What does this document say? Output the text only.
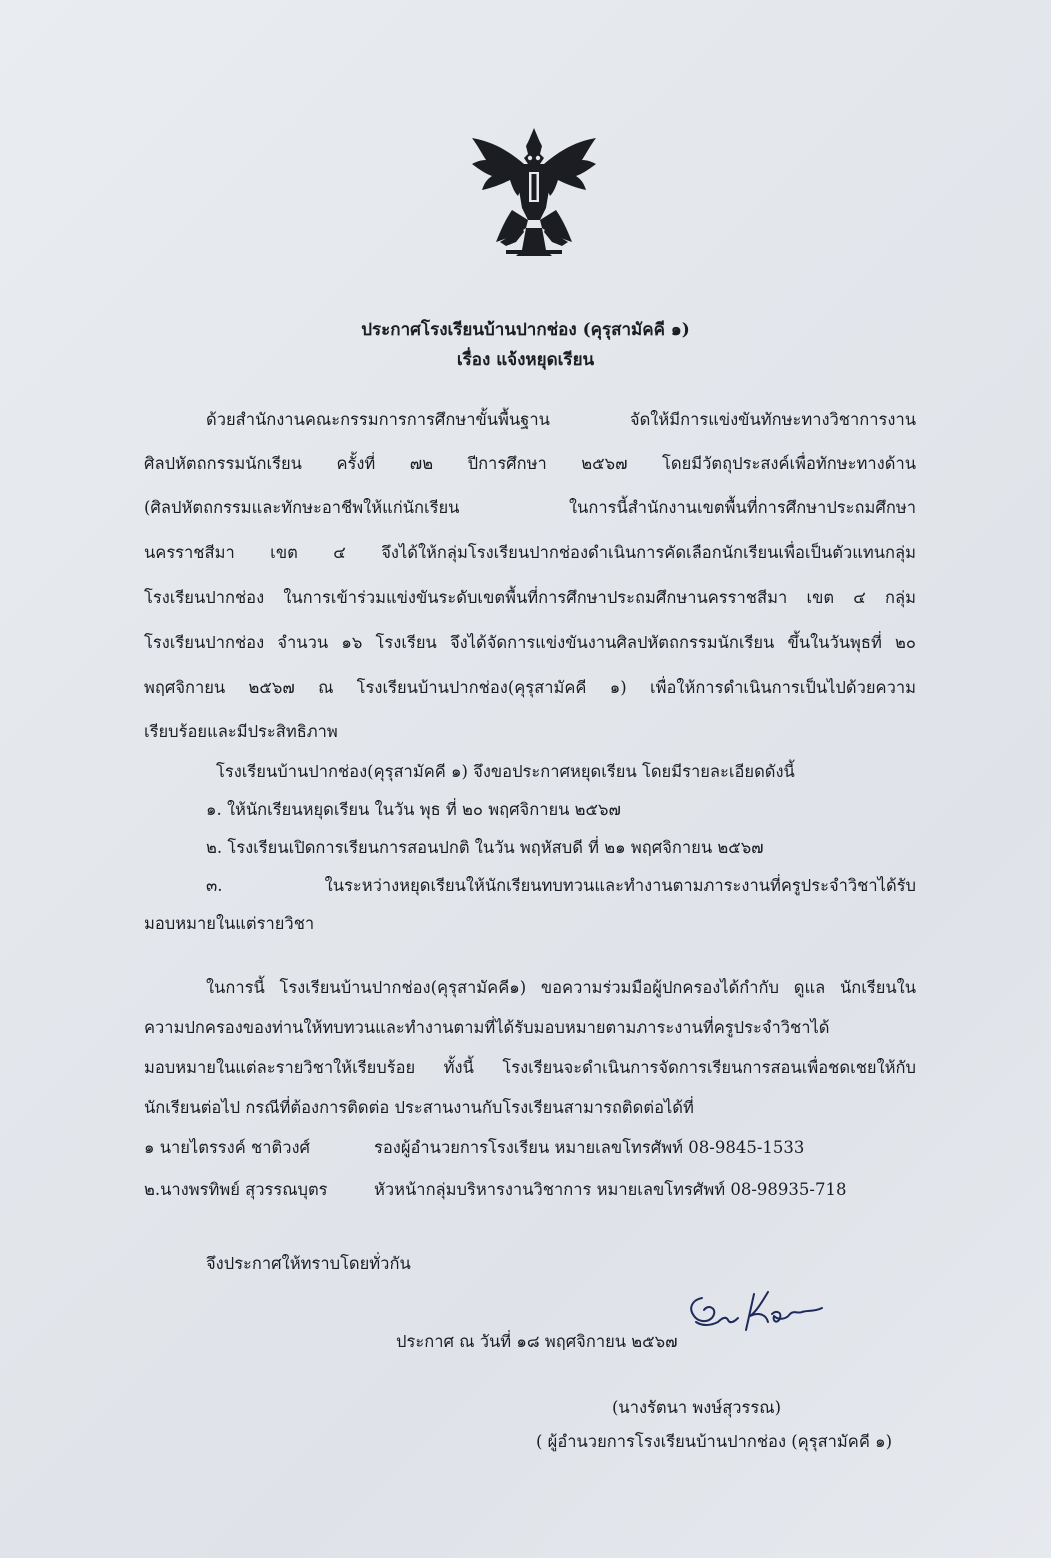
ประกาศโรงเรียนบ้านปากช่อง (คุรุสามัคคี ๑)
เรื่อง แจ้งหยุดเรียน
ด้วยสำนักงานคณะกรรมการการศึกษาขั้นพื้นฐาน จัดให้มีการแข่งขันทักษะทางวิชาการงาน
ศิลปหัตถกรรมนักเรียน ครั้งที่ ๗๒ ปีการศึกษา ๒๕๖๗ โดยมีวัตถุประสงค์เพื่อทักษะทางด้าน
(ศิลปหัตถกรรมและทักษะอาชีพให้แก่นักเรียน ในการนี้สำนักงานเขตพื้นที่การศึกษาประถมศึกษา
นครราชสีมา เขต ๔ จึงได้ให้กลุ่มโรงเรียนปากช่องดำเนินการคัดเลือกนักเรียนเพื่อเป็นตัวแทนกลุ่ม
โรงเรียนปากช่อง ในการเข้าร่วมแข่งขันระดับเขตพื้นที่การศึกษาประถมศึกษานครราชสีมา เขต ๔ กลุ่ม
โรงเรียนปากช่อง จำนวน ๑๖ โรงเรียน จึงได้จัดการแข่งขันงานศิลปหัตถกรรมนักเรียน ขึ้นในวันพุธที่ ๒๐
พฤศจิกายน ๒๕๖๗ ณ โรงเรียนบ้านปากช่อง(คุรุสามัคคี ๑) เพื่อให้การดำเนินการเป็นไปด้วยความ
เรียบร้อยและมีประสิทธิภาพ
โรงเรียนบ้านปากช่อง(คุรุสามัคคี ๑) จึงขอประกาศหยุดเรียน โดยมีรายละเอียดดังนี้
๑. ให้นักเรียนหยุดเรียน ในวัน พุธ ที่ ๒๐ พฤศจิกายน ๒๕๖๗
๒. โรงเรียนเปิดการเรียนการสอนปกติ ในวัน พฤหัสบดี ที่ ๒๑ พฤศจิกายน ๒๕๖๗
๓. ในระหว่างหยุดเรียนให้นักเรียนทบทวนและทำงานตามภาระงานที่ครูประจำวิชาได้รับ
มอบหมายในแต่รายวิชา
ในการนี้ โรงเรียนบ้านปากช่อง(คุรุสามัคคี๑) ขอความร่วมมือผู้ปกครองได้กำกับ ดูแล นักเรียนใน
ความปกครองของท่านให้ทบทวนและทำงานตามที่ได้รับมอบหมายตามภาระงานที่ครูประจำวิชาได้
มอบหมายในแต่ละรายวิชาให้เรียบร้อย ทั้งนี้ โรงเรียนจะดำเนินการจัดการเรียนการสอนเพื่อชดเชยให้กับ
นักเรียนต่อไป กรณีที่ต้องการติดต่อ ประสานงานกับโรงเรียนสามารถติดต่อได้ที่
๑ นายไตรรงค์ ชาติวงศ์	รองผู้อำนวยการโรงเรียน หมายเลขโทรศัพท์ 08-9845-1533
๒.นางพรทิพย์ สุวรรณบุตร	หัวหน้ากลุ่มบริหารงานวิชาการ หมายเลขโทรศัพท์ 08-98935-718
จึงประกาศให้ทราบโดยทั่วกัน
ประกาศ ณ วันที่ ๑๘ พฤศจิกายน ๒๕๖๗
(นางรัตนา พงษ์สุวรรณ)
( ผู้อำนวยการโรงเรียนบ้านปากช่อง (คุรุสามัคคี ๑)
